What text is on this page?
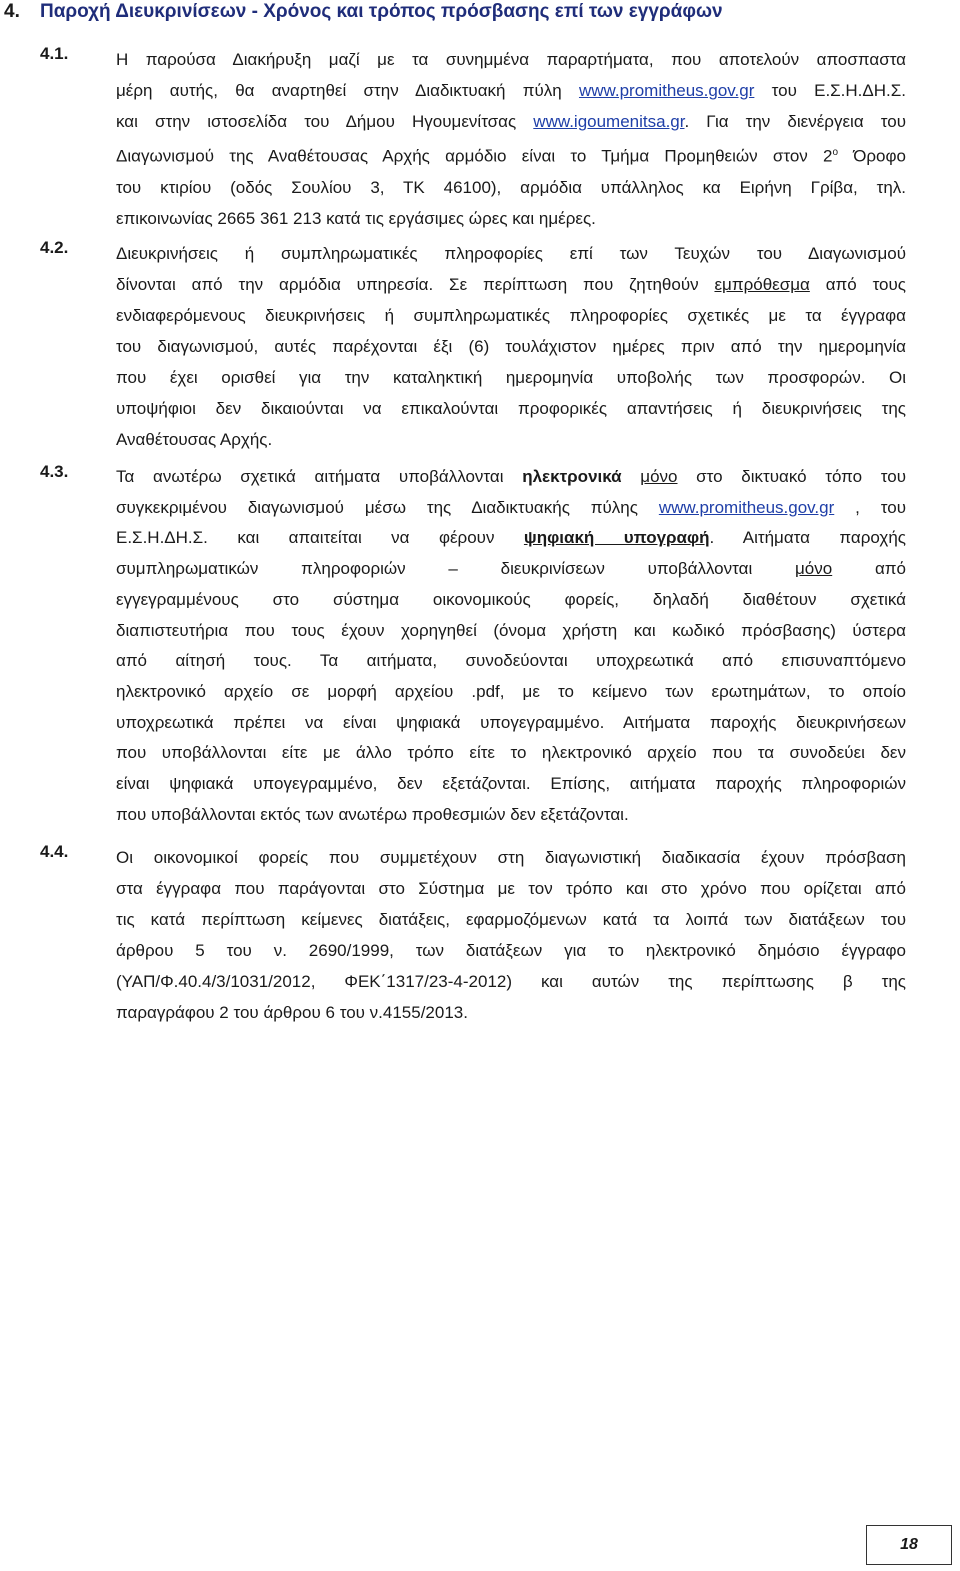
4.	Παροχή Διευκρινίσεων - Χρόνος και τρόπος πρόσβασης επί των εγγράφων
4.1.	Η παρούσα Διακήρυξη μαζί με τα συνημμένα παραρτήματα, που αποτελούν αποσπαστα
μέρη αυτής, θα αναρτηθεί στην Διαδικτυακή πύλη www.promitheus.gov.gr του Ε.Σ.Η.ΔΗ.Σ.
και στην ιστοσελίδα του Δήμου Ηγουμενίτσας www.igoumenitsa.gr. Για την διενέργεια του
Διαγωνισμού της Αναθέτουσας Αρχής αρμόδιο είναι το Τμήμα Προμηθειών στον $2^o$ Όροφο
του κτιρίου (οδός Σουλίου 3, ΤΚ 46100), αρμόδια υπάλληλος κα Ειρήνη Γρίβα, τηλ.
επικοινωνίας 2665 361 213 κατά τις εργάσιμες ώρες και ημέρες.
4.2.	Διευκρινήσεις ή συμπληρωματικές πληροφορίες επί των Τευχών του Διαγωνισμού
δίνονται από την αρμόδια υπηρεσία. Σε περίπτωση που ζητηθούν εμπρόθεσμα από τους
ενδιαφερόμενους διευκρινήσεις ή συμπληρωματικές πληροφορίες σχετικές με τα έγγραφα
του διαγωνισμού, αυτές παρέχονται έξι (6) τουλάχιστον ημέρες πριν από την ημερομηνία
που έχει ορισθεί για την καταληκτική ημερομηνία υποβολής των προσφορών. Οι
υποψήφιοι δεν δικαιούνται να επικαλούνται προφορικές απαντήσεις ή διευκρινήσεις της
Αναθέτουσας Αρχής.
4.3.	Τα ανωτέρω σχετικά αιτήματα υποβάλλονται ηλεκτρονικά μόνο στο δικτυακό τόπο του
συγκεκριμένου διαγωνισμού μέσω της Διαδικτυακής πύλης www.promitheus.gov.gr , του
Ε.Σ.Η.ΔΗ.Σ. και απαιτείται να φέρουν ψηφιακή υπογραφή. Αιτήματα παροχής
συμπληρωματικών πληροφοριών – διευκρινίσεων υποβάλλονται μόνο από
εγγεγραμμένους στο σύστημα οικονομικούς φορείς, δηλαδή διαθέτουν σχετικά
διαπιστευτήρια που τους έχουν χορηγηθεί (όνομα χρήστη και κωδικό πρόσβασης) ύστερα
από αίτησή τους. Τα αιτήματα, συνοδεύονται υποχρεωτικά από επισυναπτόμενο
ηλεκτρονικό αρχείο σε μορφή αρχείου .pdf, με το κείμενο των ερωτημάτων, το οποίο
υποχρεωτικά πρέπει να είναι ψηφιακά υπογεγραμμένο. Αιτήματα παροχής διευκρινήσεων
που υποβάλλονται είτε με άλλο τρόπο είτε το ηλεκτρονικό αρχείο που τα συνοδεύει δεν
είναι ψηφιακά υπογεγραμμένο, δεν εξετάζονται. Επίσης, αιτήματα παροχής πληροφοριών
που υποβάλλονται εκτός των ανωτέρω προθεσμιών δεν εξετάζονται.
4.4.	Οι οικονομικοί φορείς που συμμετέχουν στη διαγωνιστική διαδικασία έχουν πρόσβαση
στα έγγραφα που παράγονται στο Σύστημα με τον τρόπο και στο χρόνο που ορίζεται από
τις κατά περίπτωση κείμενες διατάξεις, εφαρμοζόμενων κατά τα λοιπά των διατάξεων του
άρθρου 5 του ν. 2690/1999, των διατάξεων για το ηλεκτρονικό δημόσιο έγγραφο
(ΥΑΠ/Φ.40.4/3/1031/2012, ΦΕΚ΄1317/23-4-2012) και αυτών της περίπτωσης β της
παραγράφου 2 του άρθρου 6 του ν.4155/2013.
18
